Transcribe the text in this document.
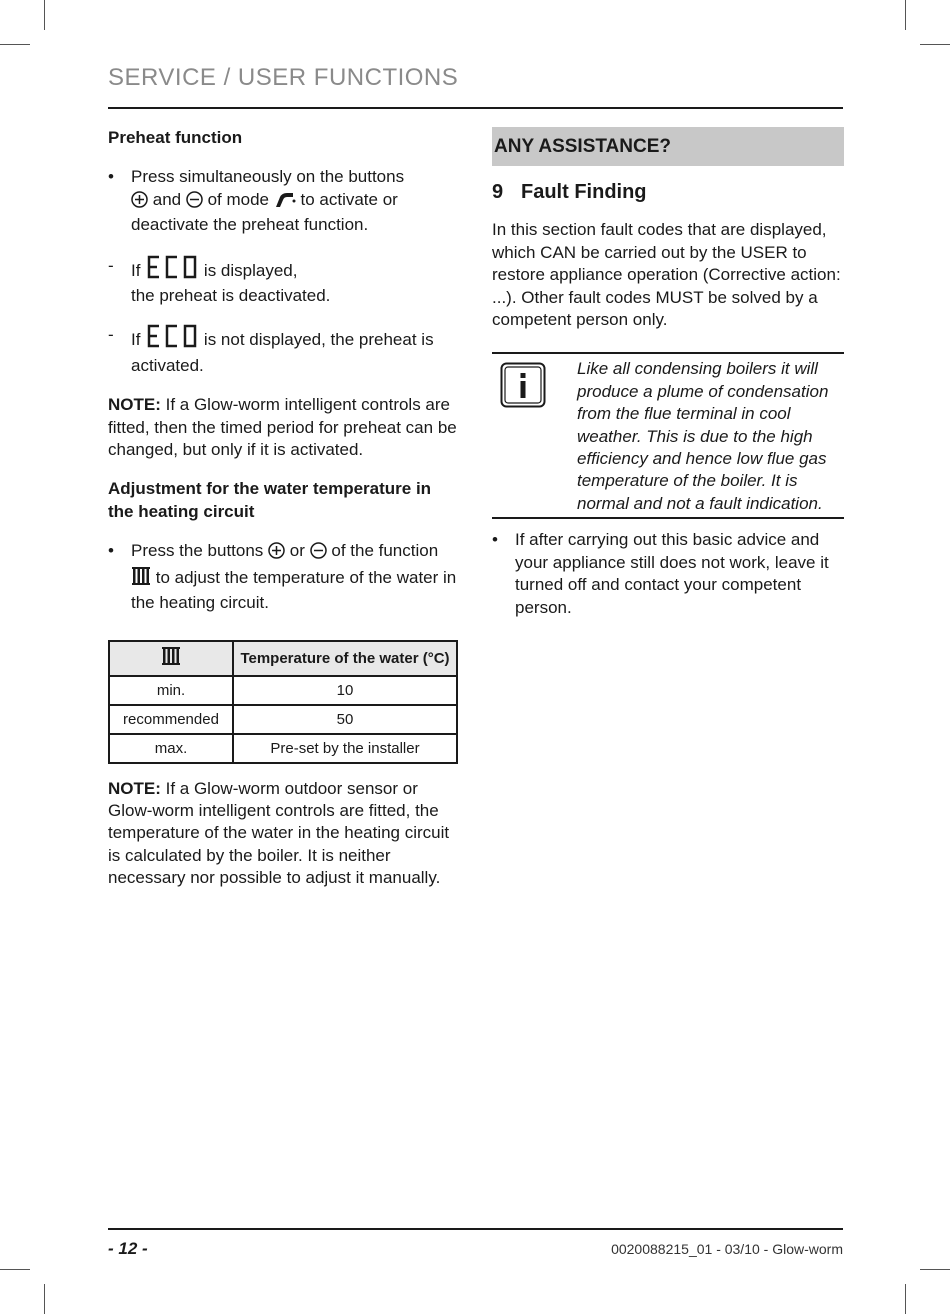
SERVICE / USER FUNCTIONS

Preheat function

• Press simultaneously on the buttons
and of mode to activate or deactivate the preheat function.

- If	is displayed,
the preheat is deactivated.

- If	is not displayed, the preheat is
activated.

NOTE: If a Glow-worm intelligent controls are fitted, then the timed period for preheat can be changed, but only if it is activated.

Adjustment for the water temperature in the heating circuit

• Press the buttons or of the function  to adjust the temperature of the water in the heating circuit.

	Temperature of the water (°C)
min.	10
recommended	50
max.	Pre-set by the installer

NOTE: If a Glow-worm outdoor sensor or Glow-worm intelligent controls are fitted, the temperature of the water in the heating circuit is calculated by the boiler. It is neither necessary nor possible to adjust it manually.

ANY ASSISTANCE?

9 Fault Finding

In this section fault codes that are displayed, which CAN be carried out by the USER to restore appliance operation (Corrective action: ...). Other fault codes MUST be solved by a competent person only.

Like all condensing boilers it will produce a plume of condensation from the flue terminal in cool weather. This is due to the high efficiency and hence low flue gas temperature of the boiler. It is normal and not a fault indication.

• If after carrying out this basic advice and your appliance still does not work, leave it turned off and contact your competent person.

- 12 -	0020088215_01 - 03/10 - Glow-worm
